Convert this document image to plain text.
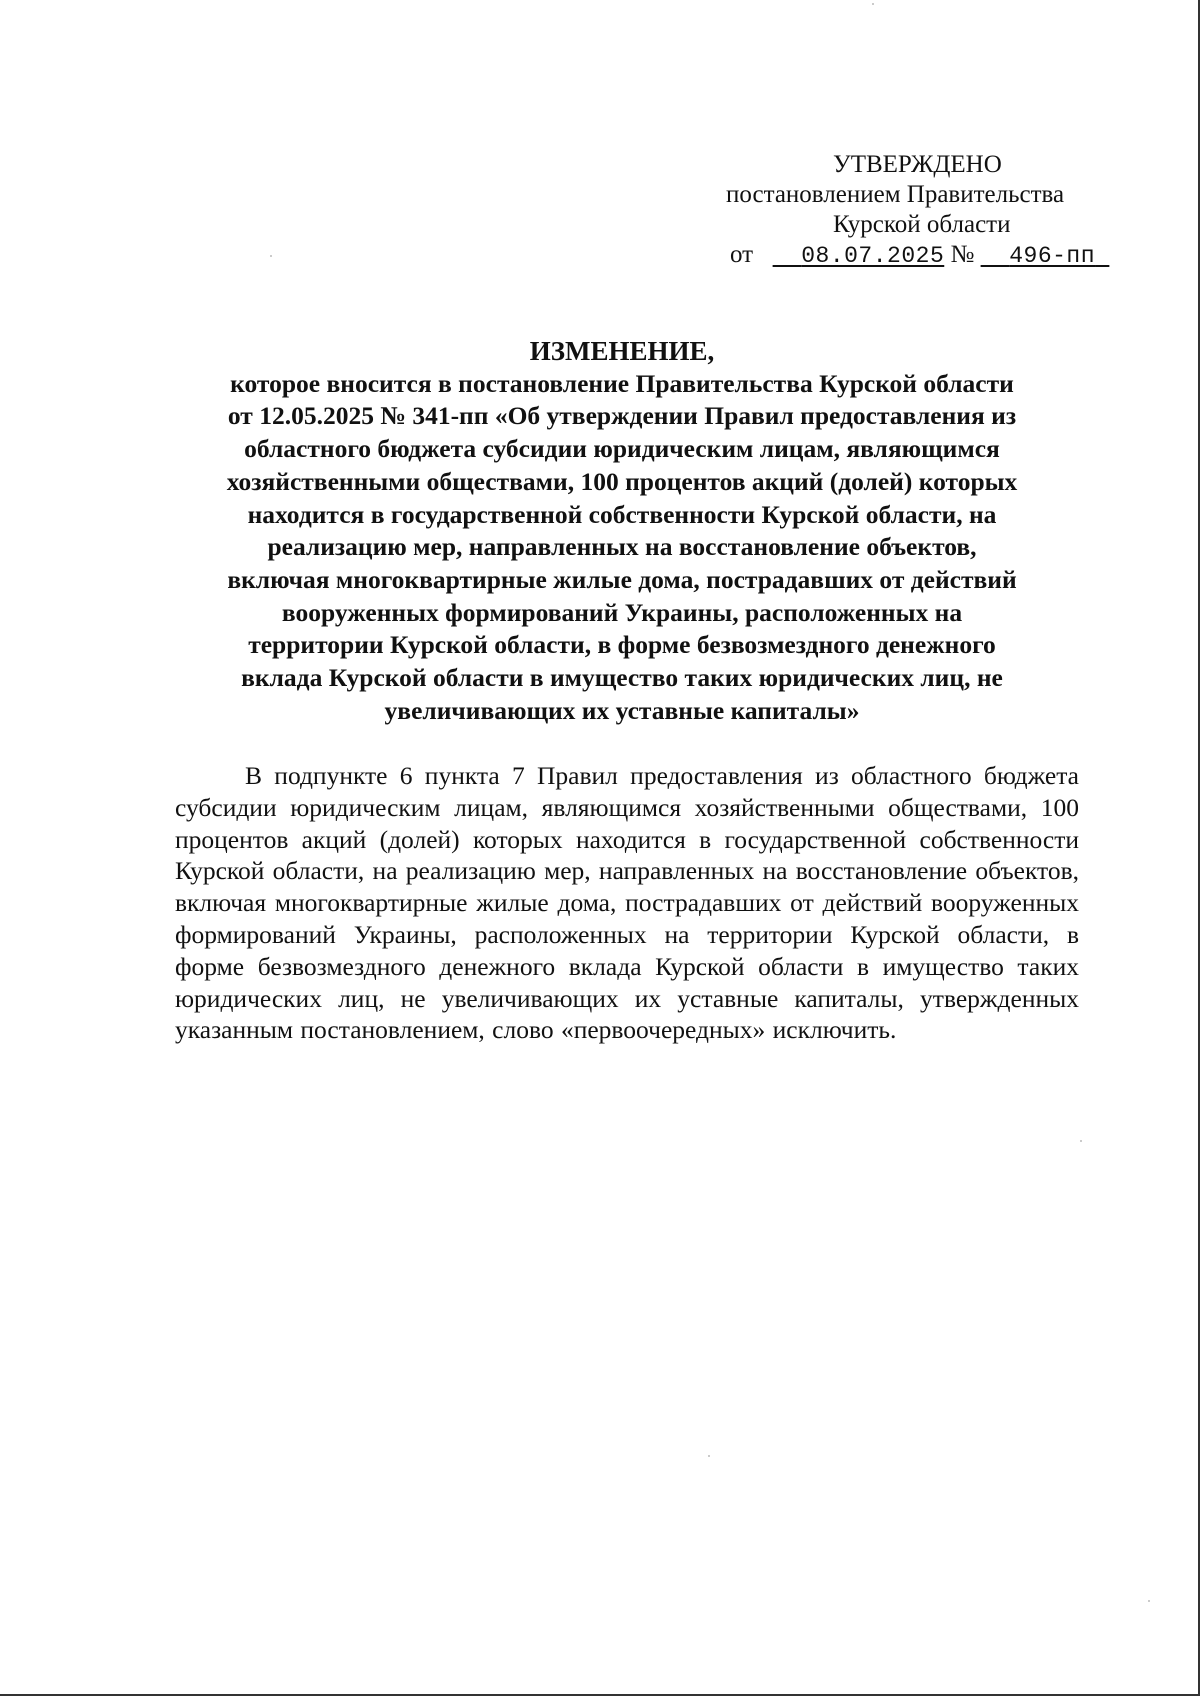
УТВЕРЖДЕНО
постановлением Правительства
Курской области
от 08.07.2025 № 496-пп
ИЗМЕНЕНИЕ,
которое вносится в постановление Правительства Курской области
от 12.05.2025 № 341-пп «Об утверждении Правил предоставления из
областного бюджета субсидии юридическим лицам, являющимся
хозяйственными обществами, 100 процентов акций (долей) которых
находится в государственной собственности Курской области, на
реализацию мер, направленных на восстановление объектов,
включая многоквартирные жилые дома, пострадавших от действий
вооруженных формирований Украины, расположенных на
территории Курской области, в форме безвозмездного денежного
вклада Курской области в имущество таких юридических лиц, не
увеличивающих их уставные капиталы»
В подпункте 6 пункта 7 Правил предоставления из областного бюджета субсидии юридическим лицам, являющимся хозяйственными обществами, 100 процентов акций (долей) которых находится в государственной собственности Курской области, на реализацию мер, направленных на восстановление объектов, включая многоквартирные жилые дома, пострадавших от действий вооруженных формирований Украины, расположенных на территории Курской области, в форме безвозмездного денежного вклада Курской области в имущество таких юридических лиц, не увеличивающих их уставные капиталы, утвержденных указанным постановлением, слово «первоочередных» исключить.
